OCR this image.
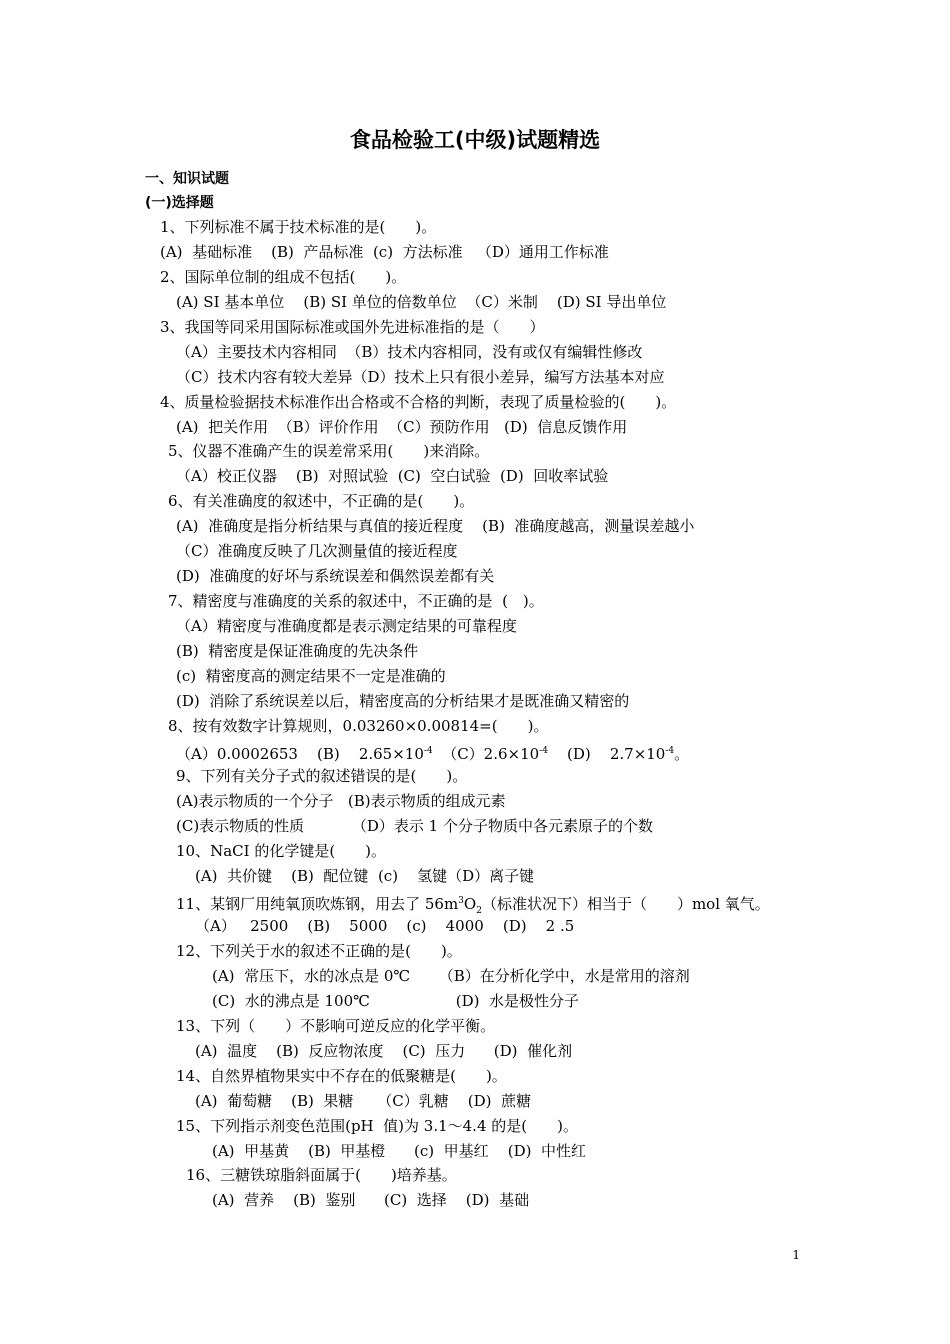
食品检验工(中级)试题精选
一、知识试题
(一)选择题
1、下列标准不属于技术标准的是(　　)。
(A)  基础标准    (B)  产品标准  (c)  方法标准   （D）通用工作标准
2、国际单位制的组成不包括(　　)。
(A) SI 基本单位    (B) SI 单位的倍数单位  （C）米制    (D) SI 导出单位
3、我国等同采用国际标准或国外先进标准指的是（　　）
（A）主要技术内容相同  （B）技术内容相同，没有或仅有编辑性修改
（C）技术内容有较大差异（D）技术上只有很小差异，编写方法基本对应
4、质量检验据技术标准作出合格或不合格的判断，表现了质量检验的(　　)。
(A)  把关作用  （B）评价作用  （C）预防作用   (D)  信息反馈作用
5、仪器不准确产生的误差常采用(　　)来消除。
（A）校正仪器    (B)  对照试验  (C)  空白试验  (D)  回收率试验
6、有关准确度的叙述中，不正确的是(　　)。
(A)  准确度是指分析结果与真值的接近程度    (B)  准确度越高，测量误差越小
（C）准确度反映了几次测量值的接近程度
(D)  准确度的好坏与系统误差和偶然误差都有关
7、精密度与准确度的关系的叙述中，不正确的是  (　)。
（A）精密度与准确度都是表示测定结果的可靠程度
(B)  精密度是保证准确度的先决条件
(c)  精密度高的测定结果不一定是准确的
(D)  消除了系统误差以后，精密度高的分析结果才是既准确又精密的
8、按有效数字计算规则，0.03260×0.00814=(　　)。
（A）0.0002653    (B)    $2.65\times 10^{-4}$  $(C)2.6\times 10^{-4}$    (D)    $2.7\times 10^{-4}$。
9、下列有关分子式的叙述错误的是(　　)。
(A)表示物质的一个分子   (B)表示物质的组成元素
(C)表示物质的性质          （D）表示 1 个分子物质中各元素原子的个数
10、NaCI 的化学键是(　　)。
(A)  共价键    (B)  配位键  (c)    氢键（D）离子键
11、某钢厂用纯氧顶吹炼钢，用去了 $56m^3O_2$（标准状况下）相当于（　　）mol 氧气。
（A）   2500    (B)    5000    (c)    4000    (D)    2 .5
12、下列关于水的叙述不正确的是(　　)。
(A)  常压下，水的冰点是 0℃      （B）在分析化学中，水是常用的溶剂
(C)  水的沸点是 100℃                  (D)  水是极性分子
13、下列（　　）不影响可逆反应的化学平衡。
(A)  温度    (B)  反应物浓度    (C)  压力      (D)  催化剂
14、自然界植物果实中不存在的低聚糖是(　　)。
(A)  葡萄糖    (B)  果糖     （C）乳糖    (D)  蔗糖
15、下列指示剂变色范围(pH  值)为 3.1～4.4 的是(　　)。
(A)  甲基黄    (B)  甲基橙      (c)  甲基红    (D)  中性红
16、三糖铁琼脂斜面属于(　　)培养基。
(A)  营养    (B)  鉴别      (C)  选择    (D)  基础
1
